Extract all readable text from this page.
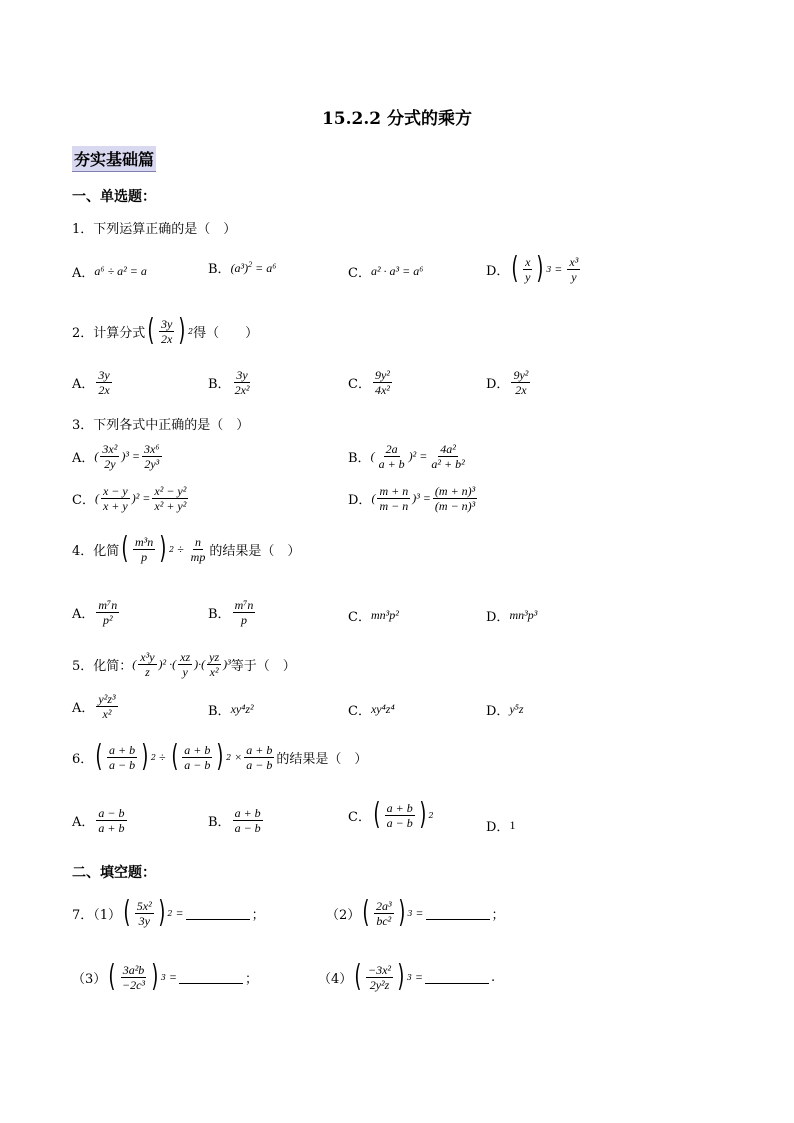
15.2.2 分式的乘方
夯实基础篇
一、单选题：
1．下列运算正确的是（　）
A． a⁶ ÷ a² = a	B． $(a^3)^2 = a^6$	C． a² · a³ = a⁶	D． ( $\frac{x}{y}$ ) $3 = \frac{\text{x³}}{y}$
2．计算分式 ( $\frac{3y}{2x}$ ) 2 得（　　）
A． $\frac{3y}{2x}$	B． $\frac{3y}{\text{2x²}}$	C． $\frac{\text{9y²}}{\text{4x²}}$	D． $\frac{\text{9y²}}{2x}$
3．下列各式中正确的是（　）
A． ( $\frac{\text{3x²}}{2y} )^3 = \frac{\text{3x⁶}}{\text{2y³}}$	B． ( $\frac{2a}{a + b} )^2 = \frac{\text{4a²}}{\text{a² + b²}}$
C． ( $\frac{x - y}{x + y} )^2 = \frac{\text{x² − y²}}{\text{x² + y²}}$	D． ( $\frac{m + n}{m - n} )^3 = \frac{\text{(m + n)³}}{\text{(m − n)³}}$
4．化简 ( $\frac{\text{m³n}}{p}$ ) $2 \div \frac{n}{mp}$ 的结果是（　）
A． $\frac{\text{m⁷n}}{\text{p²}}$	B． $\frac{\text{m⁷n}}{p}$	C． mn³p²	D． mn³p³
5．化简： ( $\frac{\text{x³y}}{z} )^2$ ·( $\frac{xz}{y}$ )·( $\frac{yz}{\text{x²}} )^3$ 等于（　）
A． $\frac{\text{y²z³}}{\text{x²}}$	B． xy⁴z²	C． xy⁴z⁴	D． y⁵z
6． ( $\frac{a + b}{a - b}$ ) 2 ÷ ( $\frac{a + b}{a - b}$ ) $2 \times \frac{a + b}{a - b}$ 的结果是（　）
A． $\frac{a - b}{a + b}$	B． $\frac{a + b}{a - b}$	C． ( $\frac{a + b}{a - b}$ ) 2
D． 1
二、填空题：
7．（1） ( $\frac{\text{5x²}}{3y}$ ) 2 =	；	（2） ( $\frac{\text{2a³}}{\text{bc²}}$ ) 3 =	；
（3） ( $\frac{\text{3a²b}}{\text{−2c³}}$ ) 3 =	；	（4） ( $\frac{\text{−3x²}}{\text{2y²z}}$ ) 3 =	.
